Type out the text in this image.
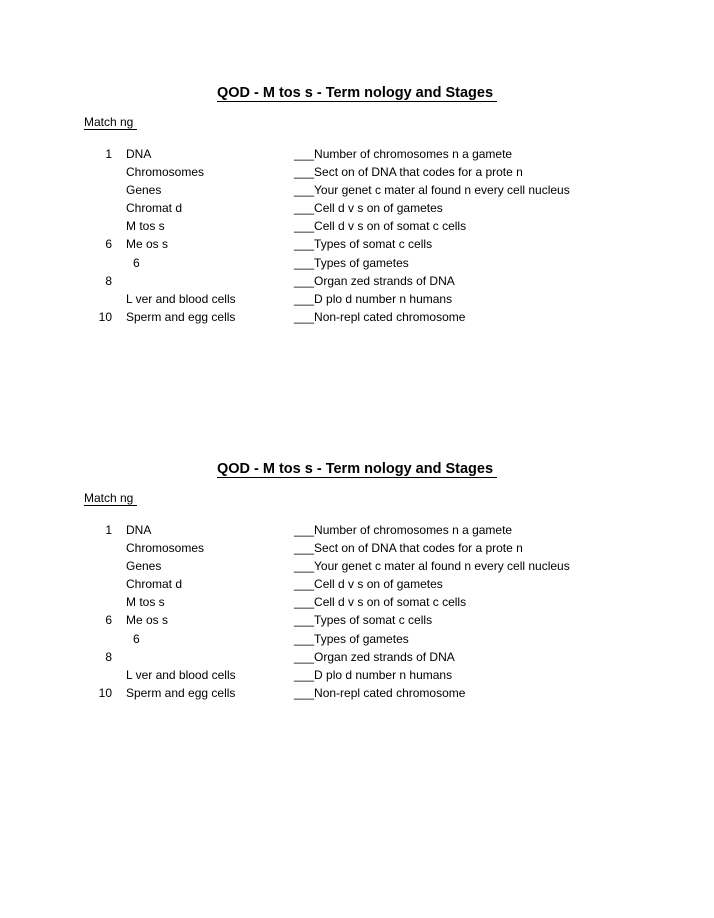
QOD - M tos s - Term nology and Stages
Match ng
1 DNA	___Number of chromosomes n a gamete
Chromosomes	___Sect on of DNA that codes for a prote n
Genes	___Your genet c mater al found n every cell nucleus
Chromat d	___Cell d v s on of gametes
M tos s	___Cell d v s on of somat c cells
6 Me os s	___Types of somat c cells
6	___Types of gametes
8	___Organ zed strands of DNA
L ver and blood cells	___D plo d number n humans
10 Sperm and egg cells	___Non-repl cated chromosome
QOD - M tos s - Term nology and Stages
Match ng
1 DNA	___Number of chromosomes n a gamete
Chromosomes	___Sect on of DNA that codes for a prote n
Genes	___Your genet c mater al found n every cell nucleus
Chromat d	___Cell d v s on of gametes
M tos s	___Cell d v s on of somat c cells
6 Me os s	___Types of somat c cells
6	___Types of gametes
8	___Organ zed strands of DNA
L ver and blood cells	___D plo d number n humans
10 Sperm and egg cells	___Non-repl cated chromosome
